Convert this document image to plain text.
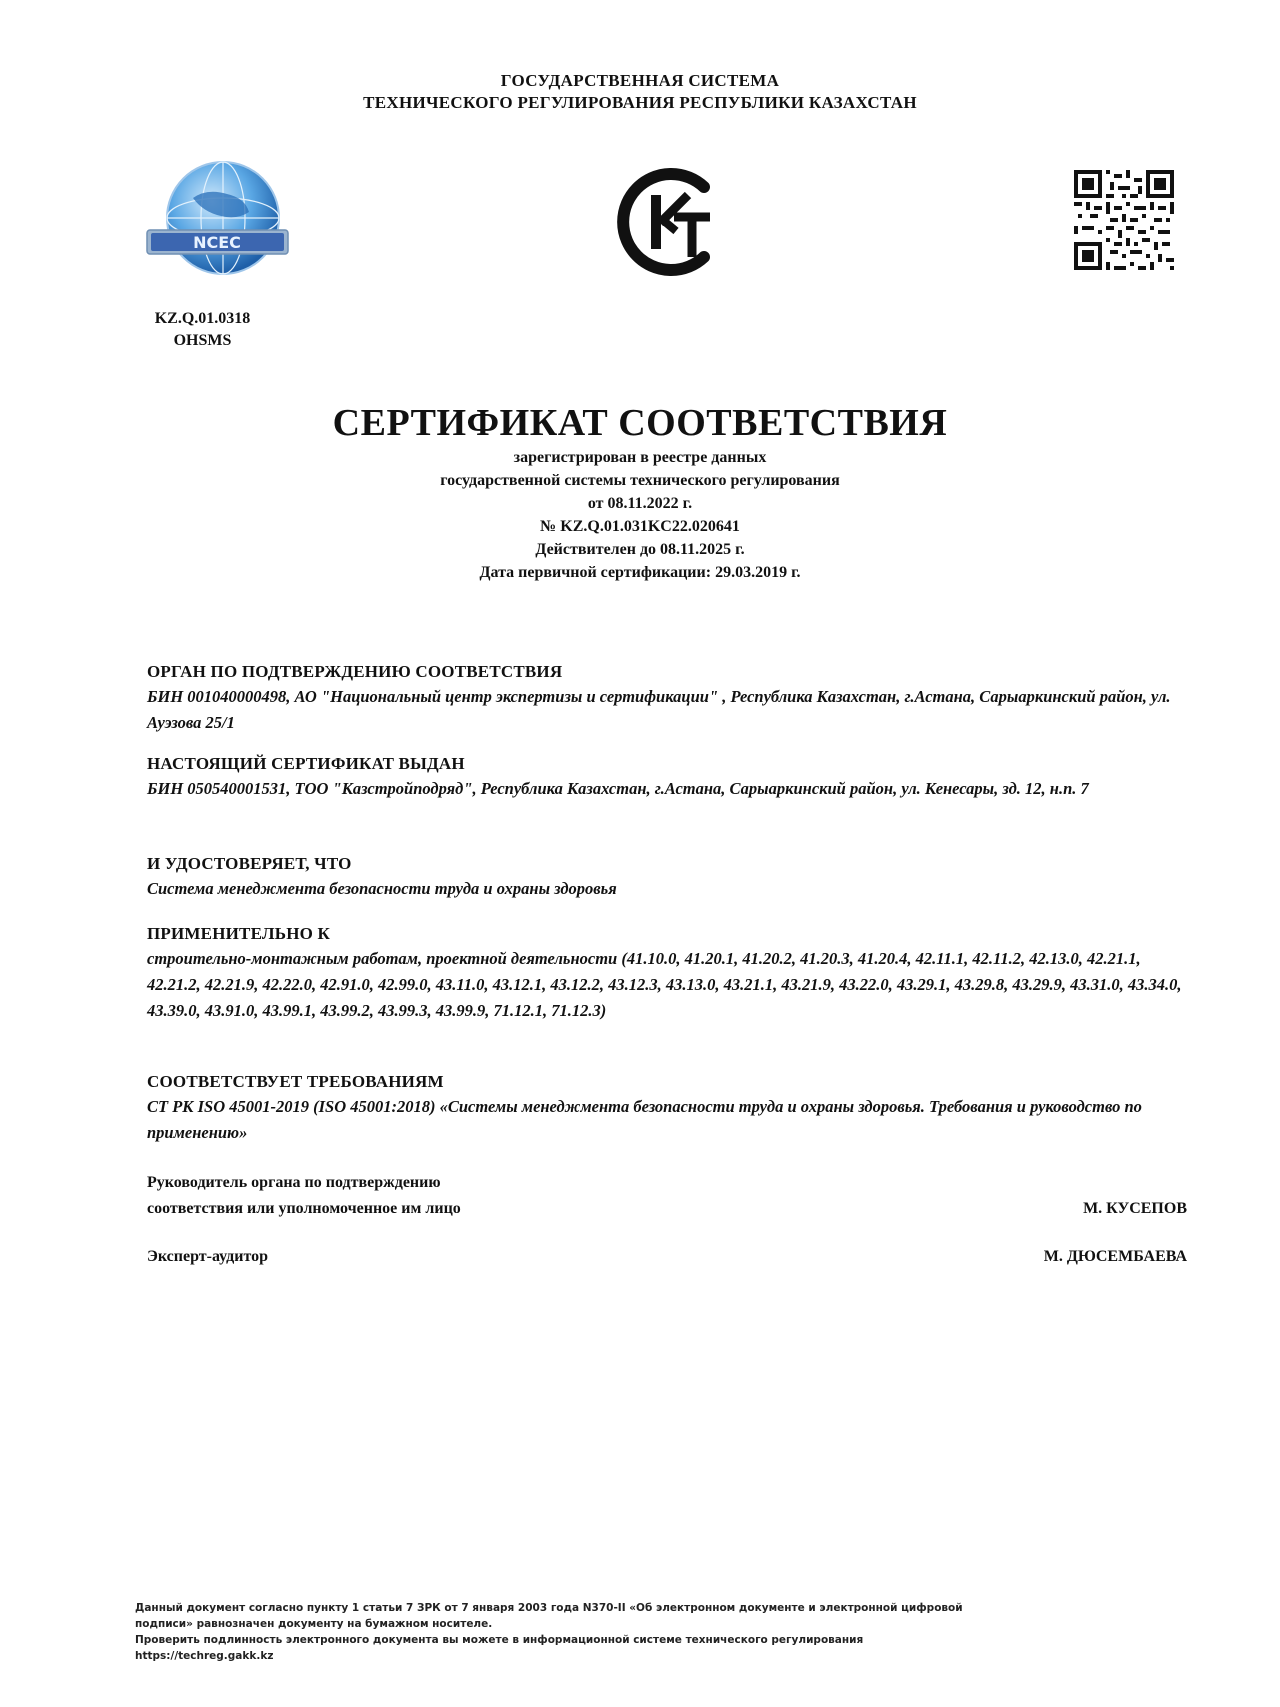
ГОСУДАРСТВЕННАЯ СИСТЕМА
ТЕХНИЧЕСКОГО РЕГУЛИРОВАНИЯ РЕСПУБЛИКИ КАЗАХСТАН
NCEC
KZ.Q.01.0318
OHSMS

СЕРТИФИКАТ СООТВЕТСТВИЯ

зарегистрирован в реестре данных

государственной системы технического регулирования

от 08.11.2022 г.

№ KZ.Q.01.031KC22.020641

Действителен до 08.11.2025 г.

Дата первичной сертификации: 29.03.2019 г.

ОРГАН ПО ПОДТВЕРЖДЕНИЮ СООТВЕТСТВИЯ

БИН 001040000498, АО "Национальный центр экспертизы и сертификации" , Республика Казахстан, г.Астана, Сарыаркинский район, ул. Ауэзова 25/1

НАСТОЯЩИЙ СЕРТИФИКАТ ВЫДАН

БИН 050540001531, ТОО "Казстройподряд", Республика Казахстан, г.Астана, Сарыаркинский район, ул. Кенесары, зд. 12, н.п. 7

И УДОСТОВЕРЯЕТ, ЧТО

Система менеджмента безопасности труда и охраны здоровья

ПРИМЕНИТЕЛЬНО К

строительно-монтажным работам, проектной деятельности (41.10.0, 41.20.1, 41.20.2, 41.20.3, 41.20.4, 42.11.1, 42.11.2, 42.13.0, 42.21.1, 42.21.2, 42.21.9, 42.22.0, 42.91.0, 42.99.0, 43.11.0, 43.12.1, 43.12.2, 43.12.3, 43.13.0, 43.21.1, 43.21.9, 43.22.0, 43.29.1, 43.29.8, 43.29.9, 43.31.0, 43.34.0, 43.39.0, 43.91.0, 43.99.1, 43.99.2, 43.99.3, 43.99.9, 71.12.1, 71.12.3)

СООТВЕТСТВУЕТ ТРЕБОВАНИЯМ

СТ РК ISO 45001-2019 (ISO 45001:2018) «Системы менеджмента безопасности труда и охраны здоровья. Требования и руководство по применению»

Руководитель органа по подтверждению
соответствия или уполномоченное им лицо	М. КУСЕПОВ
Эксперт-аудитор	М. ДЮСЕМБАЕВА

Данный документ согласно пункту 1 статьи 7 ЗРК от 7 января 2003 года N370-II «Об электронном документе и электронной цифровой

подписи» равнозначен документу на бумажном носителе.

Проверить подлинность электронного документа вы можете в информационной системе технического регулирования

https://techreg.gakk.kz
